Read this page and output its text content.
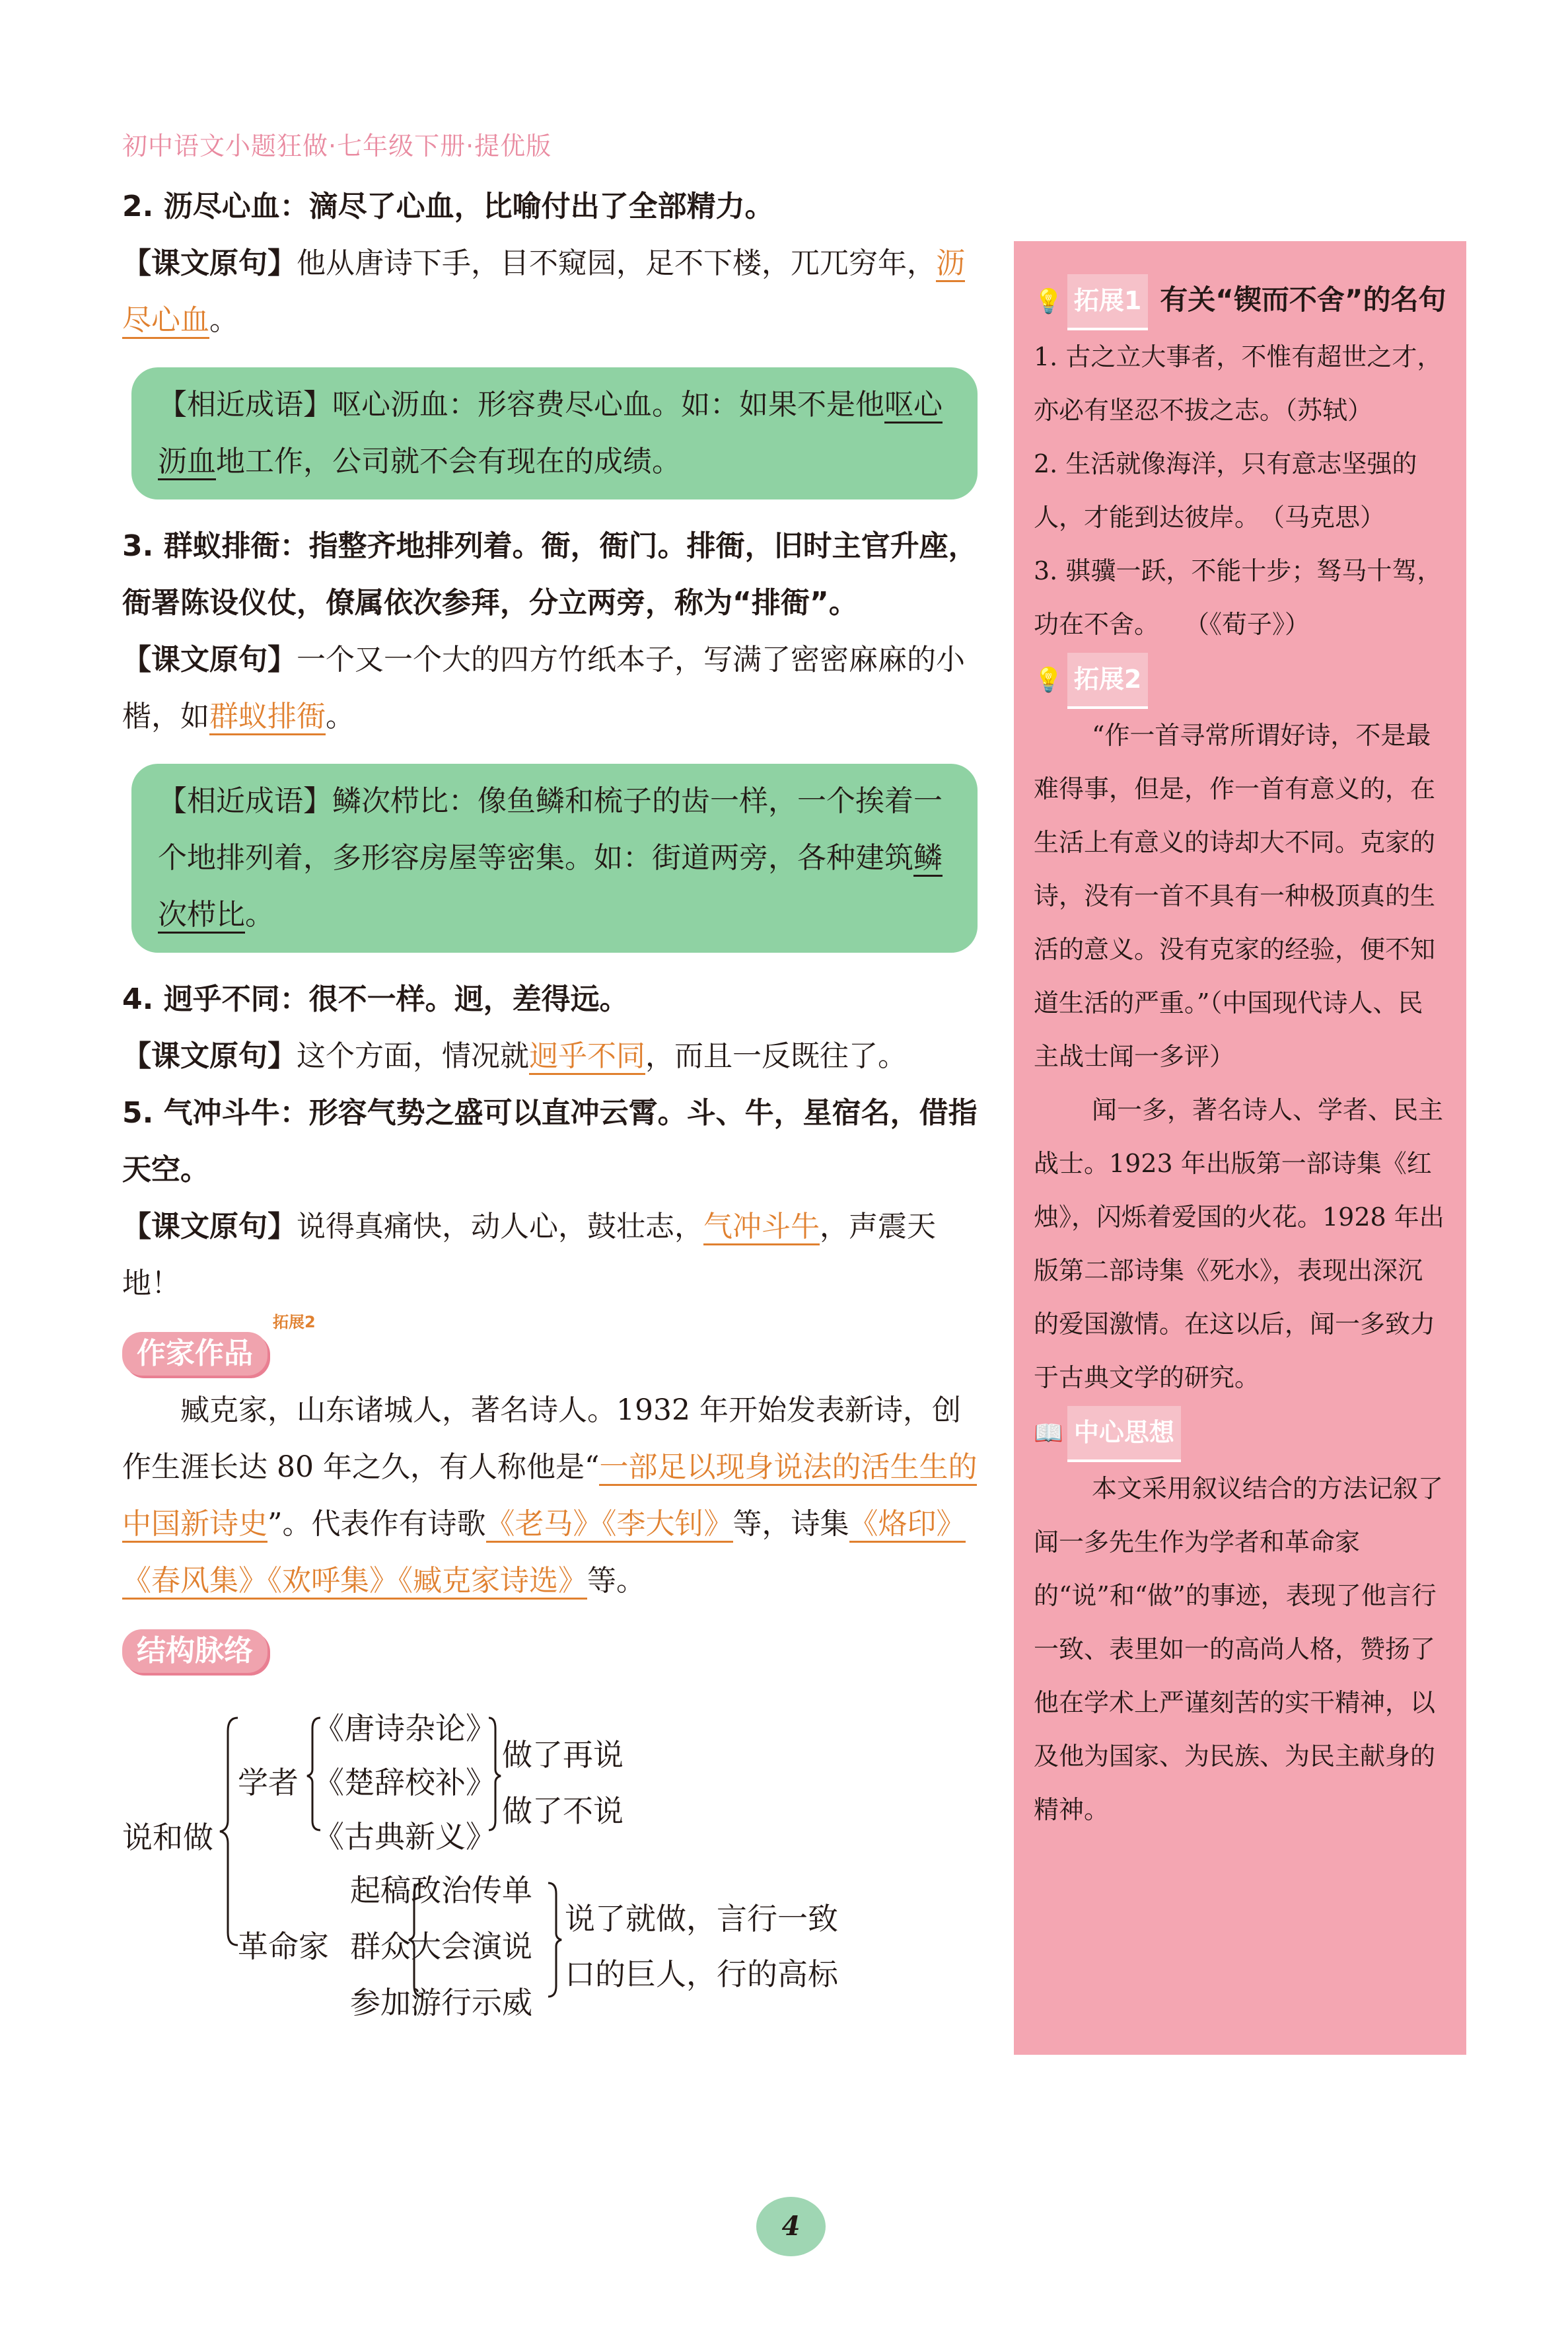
初中语文小题狂做·七年级下册·提优版

2. 沥尽心血：滴尽了心血，比喻付出了全部精力。

【课文原句】他从唐诗下手，目不窥园，足不下楼，兀兀穷年，沥尽心血。

【相近成语】呕心沥血：形容费尽心血。如：如果不是他呕心沥血地工作，公司就不会有现在的成绩。

3. 群蚁排衙：指整齐地排列着。衙，衙门。排衙，旧时主官升座，衙署陈设仪仗，僚属依次参拜，分立两旁，称为“排衙”。

【课文原句】一个又一个大的四方竹纸本子，写满了密密麻麻的小楷，如群蚁排衙。

【相近成语】鳞次栉比：像鱼鳞和梳子的齿一样，一个挨着一个地排列着，多形容房屋等密集。如：街道两旁，各种建筑鳞次栉比。

4. 迥乎不同：很不一样。迥，差得远。

【课文原句】这个方面，情况就迥乎不同，而且一反既往了。

5. 气冲斗牛：形容气势之盛可以直冲云霄。斗、牛，星宿名，借指天空。

【课文原句】说得真痛快，动人心，鼓壮志，气冲斗牛，声震天地！

作家作品$^{拓展2}$

臧克家，山东诸城人，著名诗人。1932 年开始发表新诗，创作生涯长达 80 年之久，有人称他是“一部足以现身说法的活生生的中国新诗史”。代表作有诗歌《老马》《李大钊》等，诗集《烙印》《春风集》《欢呼集》《臧克家诗选》等。

结构脉络
说和做
学者
《唐诗杂论》
《楚辞校补》
《古典新义》
做了再说
做了不说
革命家
起稿政治传单
群众大会演说
参加游行示威
说了就做，言行一致
口的巨人，行的高标

💡 拓展1 有关“锲而不舍”的名句

1. 古之立大事者，不惟有超世之才，亦必有坚忍不拔之志。（苏轼）

2. 生活就像海洋，只有意志坚强的人，才能到达彼岸。　（马克思）

3. 骐骥一跃，不能十步；驽马十驾，功在不舍。　　（《荀子》）

💡 拓展2

“作一首寻常所谓好诗，不是最难得事，但是，作一首有意义的，在生活上有意义的诗却大不同。克家的诗，没有一首不具有一种极顶真的生活的意义。没有克家的经验，便不知道生活的严重。”（中国现代诗人、民主战士闻一多评）

闻一多，著名诗人、学者、民主战士。1923 年出版第一部诗集《红烛》，闪烁着爱国的火花。1928 年出版第二部诗集《死水》，表现出深沉的爱国激情。在这以后，闻一多致力于古典文学的研究。

📖 中心思想

本文采用叙议结合的方法记叙了闻一多先生作为学者和革命家的“说”和“做”的事迹，表现了他言行一致、表里如一的高尚人格，赞扬了他在学术上严谨刻苦的实干精神，以及他为国家、为民族、为民主献身的精神。

4
